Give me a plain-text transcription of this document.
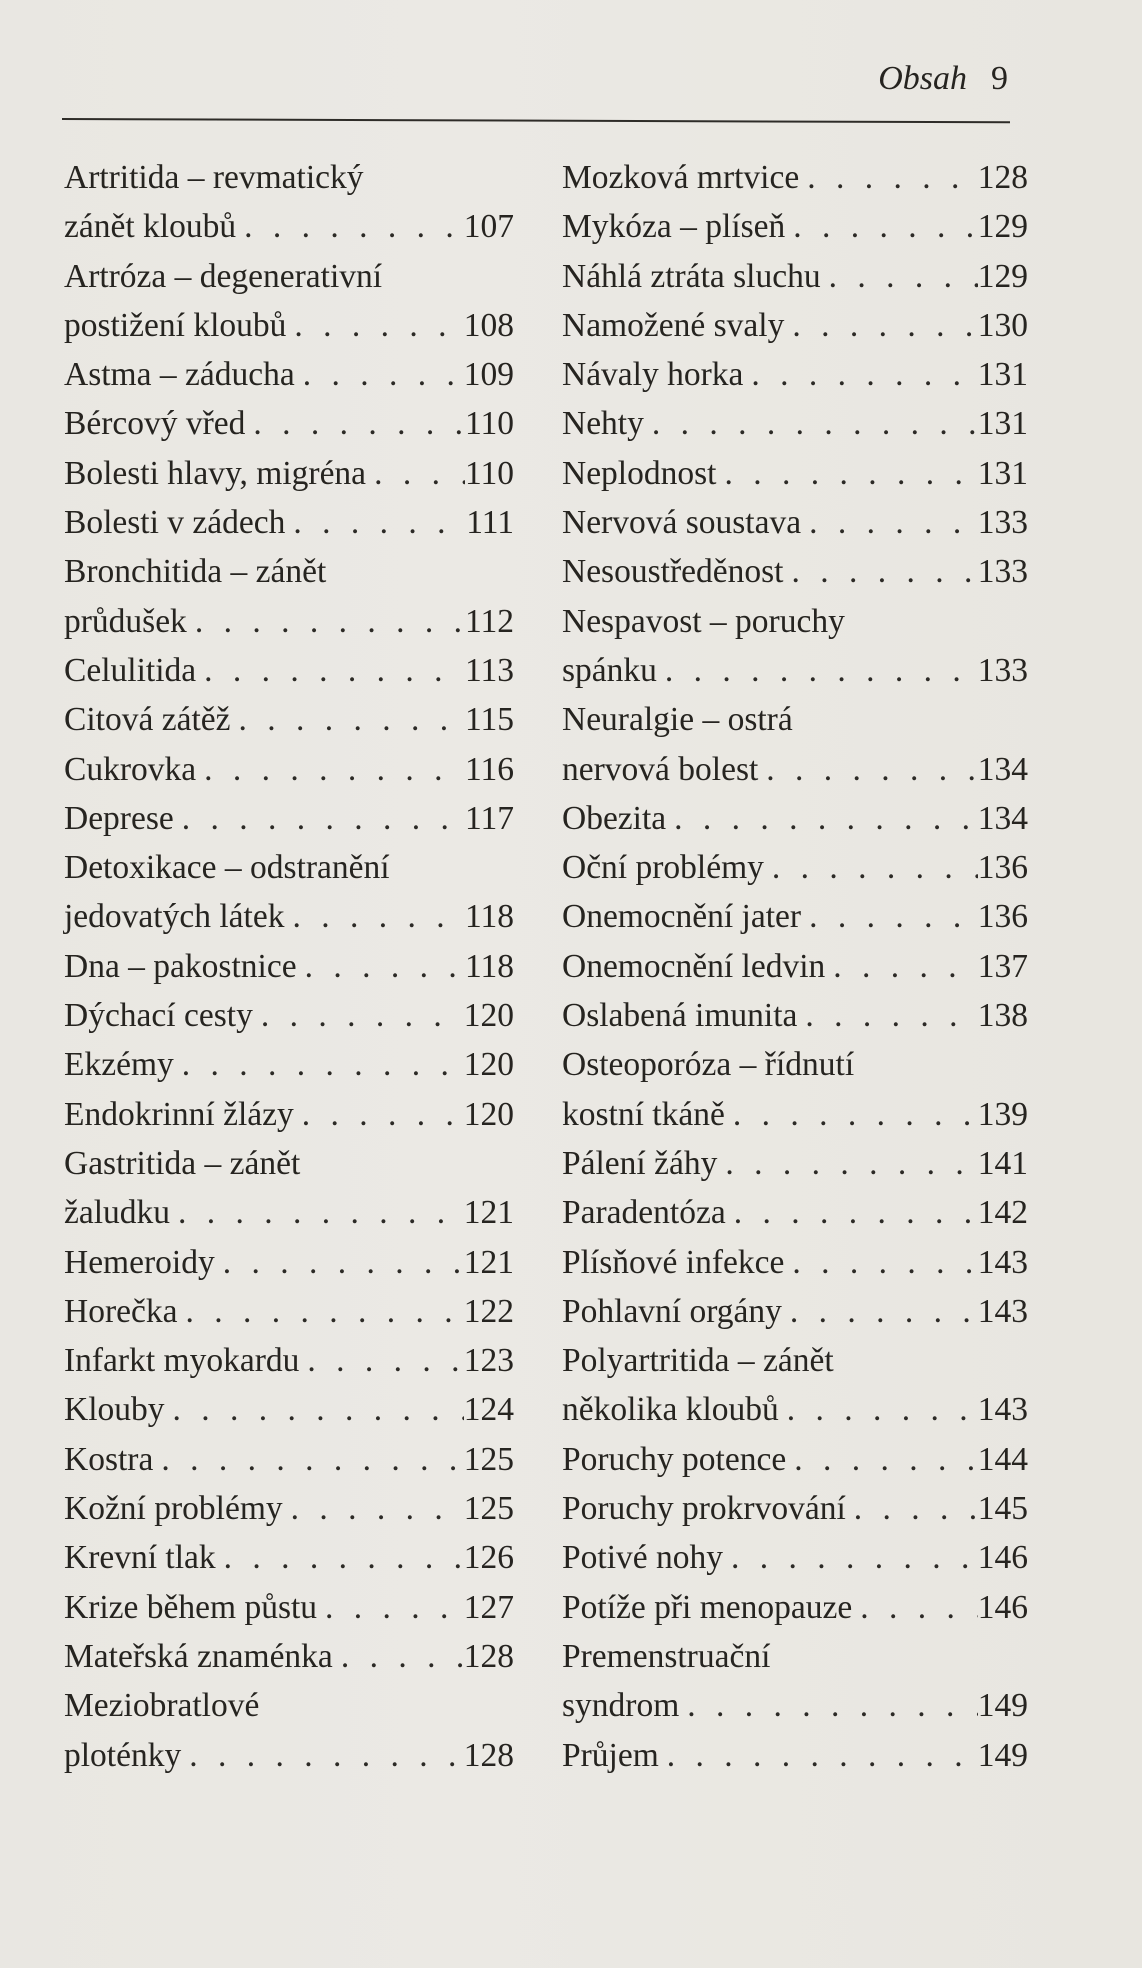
Obsah 9
Artritida – revmatický
zánět kloubů . . .	107
Artróza – degenerativní
postižení kloubů . . .	108
Astma – záducha . . .	109
Bércový vřed . . .	110
Bolesti hlavy, migréna . . .	110
Bolesti v zádech . . .	111
Bronchitida – zánět
průdušek . . .	112
Celulitida . . .	113
Citová zátěž . . .	115
Cukrovka . . .	116
Deprese . . .	117
Detoxikace – odstranění
jedovatých látek . . .	118
Dna – pakostnice . . .	118
Dýchací cesty . . .	120
Ekzémy . . .	120
Endokrinní žlázy . . .	120
Gastritida – zánět
žaludku . . .	121
Hemeroidy . . .	121
Horečka . . .	122
Infarkt myokardu . . .	123
Klouby . . .	124
Kostra . . .	125
Kožní problémy . . .	125
Krevní tlak . . .	126
Krize během půstu . . .	127
Mateřská znaménka . . .	128
Meziobratlové
ploténky . . .	128
Mozková mrtvice . . .	128
Mykóza – plíseň . . .	129
Náhlá ztráta sluchu . . .	129
Namožené svaly . . .	130
Návaly horka . . .	131
Nehty . . .	131
Neplodnost . . .	131
Nervová soustava . . .	133
Nesoustředěnost . . .	133
Nespavost – poruchy
spánku . . .	133
Neuralgie – ostrá
nervová bolest . . .	134
Obezita . . .	134
Oční problémy . . .	136
Onemocnění jater . . .	136
Onemocnění ledvin . . .	137
Oslabená imunita . . .	138
Osteoporóza – řídnutí
kostní tkáně . . .	139
Pálení žáhy . . .	141
Paradentóza . . .	142
Plísňové infekce . . .	143
Pohlavní orgány . . .	143
Polyartritida – zánět
několika kloubů . . .	143
Poruchy potence . . .	144
Poruchy prokrvování . . .	145
Potivé nohy . . .	146
Potíže při menopauze . . .	146
Premenstruační
syndrom . . .	149
Průjem . . .	149
